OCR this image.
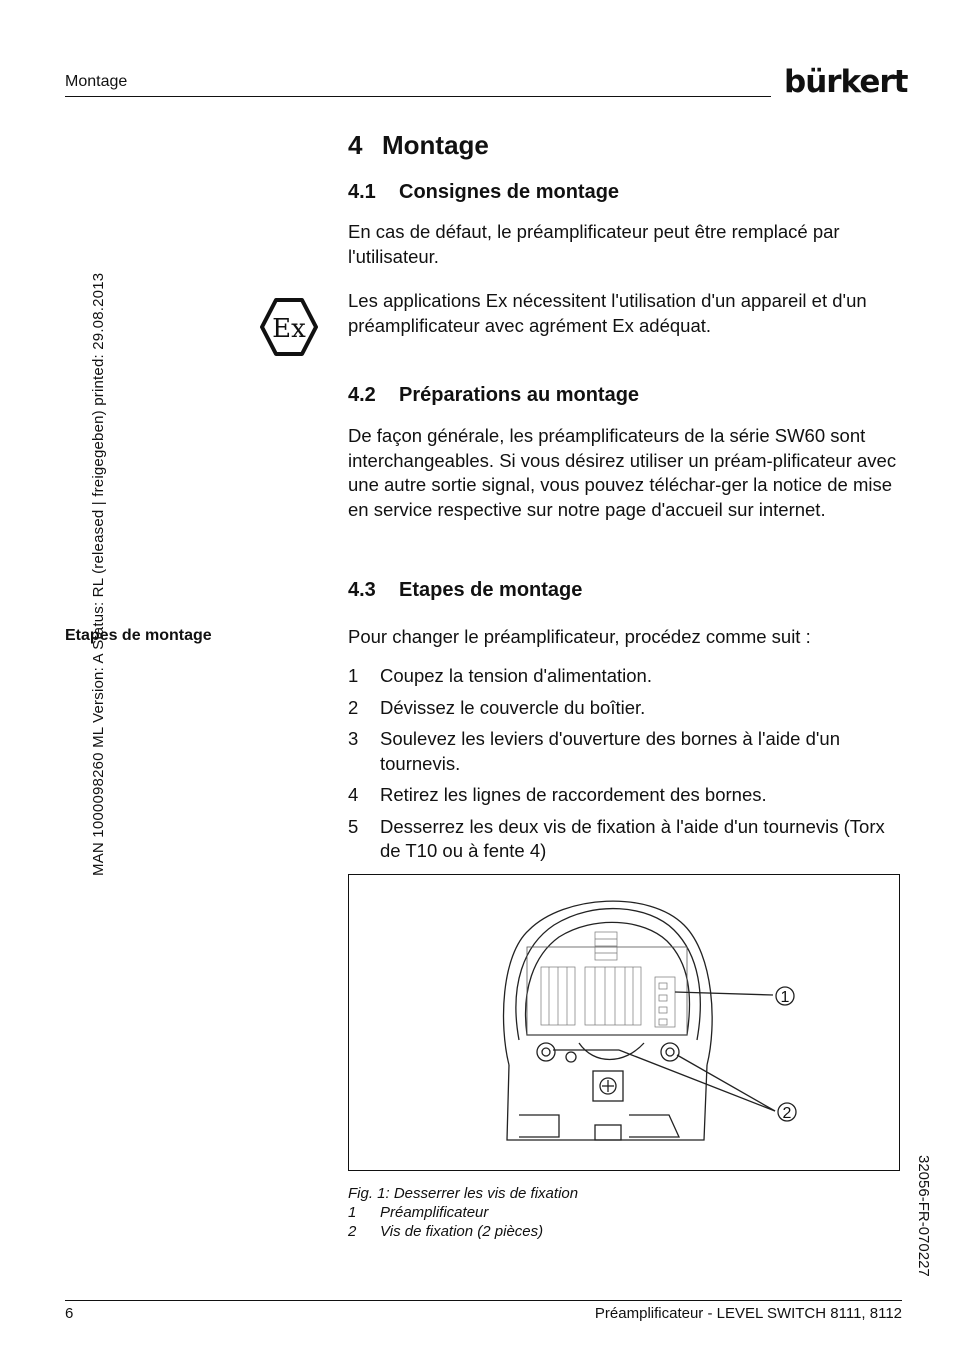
Montage	bürkert
MAN 1000098260 ML Version: A Status: RL (released | freigegeben) printed: 29.08.2013
Etapes de montage
32056-FR-070227
4 Montage
4.1 Consignes de montage
En cas de défaut, le préamplificateur peut être remplacé par l'utilisateur.
Les applications Ex nécessitent l'utilisation d'un appareil et d'un préamplificateur avec agrément Ex adéquat.
Ex
4.2 Préparations au montage
De façon générale, les préamplificateurs de la série SW60 sont interchangeables. Si vous désirez utiliser un préam-plificateur avec une autre sortie signal, vous pouvez téléchar-ger la notice de mise en service respective sur notre page d'accueil sur internet.
4.3 Etapes de montage
Pour changer le préamplificateur, procédez comme suit :
1	Coupez la tension d'alimentation.
2	Dévissez le couvercle du boîtier.
3	Soulevez les leviers d'ouverture des bornes à l'aide d'un tournevis.
4	Retirez les lignes de raccordement des bornes.
5	Desserrez les deux vis de fixation à l'aide d'un tournevis (Torx de T10 ou à fente 4)
1
2
Fig. 1: Desserrer les vis de fixation
1	Préamplificateur
2	Vis de fixation (2 pièces)
6	Préamplificateur - LEVEL SWITCH 8111, 8112
